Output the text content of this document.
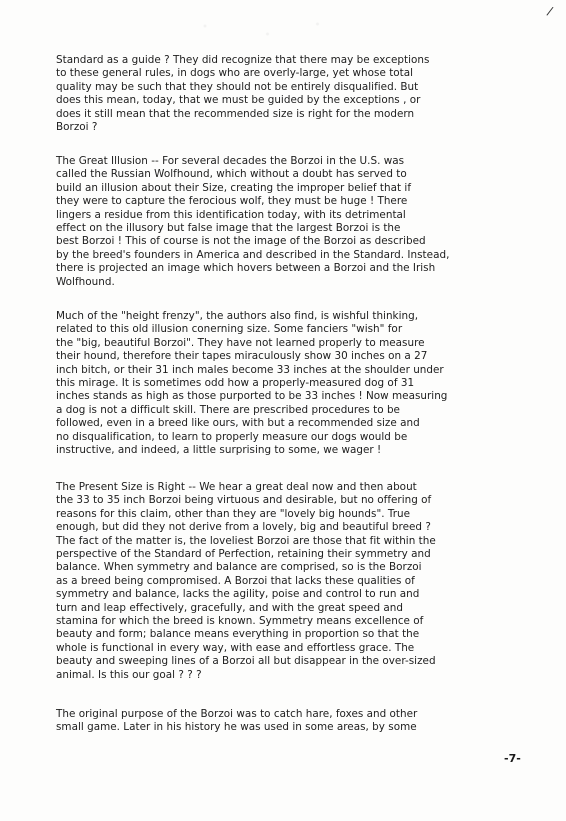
/
Standard as a guide ? They did recognize that there may be exceptions
to these general rules, in dogs who are overly-large, yet whose total
quality may be such that they should not be entirely disqualified. But
does this mean, today, that we must be guided by the exceptions , or
does it still mean that the recommended size is right for the modern
Borzoi ?
The Great Illusion -- For several decades the Borzoi in the U.S. was
called the Russian Wolfhound, which without a doubt has served to
build an illusion about their Size, creating the improper belief that if
they were to capture the ferocious wolf, they must be huge ! There
lingers a residue from this identification today, with its detrimental
effect on the illusory but false image that the largest Borzoi is the
best Borzoi ! This of course is not the image of the Borzoi as described
by the breed's founders in America and described in the Standard. Instead,
there is projected an image which hovers between a Borzoi and the Irish
Wolfhound.
Much of the "height frenzy", the authors also find, is wishful thinking,
related to this old illusion conerning size. Some fanciers "wish" for
the "big, beautiful Borzoi". They have not learned properly to measure
their hound, therefore their tapes miraculously show 30 inches on a 27
inch bitch, or their 31 inch males become 33 inches at the shoulder under
this mirage. It is sometimes odd how a properly-measured dog of 31
inches stands as high as those purported to be 33 inches ! Now measuring
a dog is not a difficult skill. There are prescribed procedures to be
followed, even in a breed like ours, with but a recommended size and
no disqualification, to learn to properly measure our dogs would be
instructive, and indeed, a little surprising to some, we wager !
The Present Size is Right -- We hear a great deal now and then about
the 33 to 35 inch Borzoi being virtuous and desirable, but no offering of
reasons for this claim, other than they are "lovely big hounds". True
enough, but did they not derive from a lovely, big and beautiful breed ?
The fact of the matter is, the loveliest Borzoi are those that fit within the
perspective of the Standard of Perfection, retaining their symmetry and
balance. When symmetry and balance are comprised, so is the Borzoi
as a breed being compromised. A Borzoi that lacks these qualities of
symmetry and balance, lacks the agility, poise and control to run and
turn and leap effectively, gracefully, and with the great speed and
stamina for which the breed is known. Symmetry means excellence of
beauty and form; balance means everything in proportion so that the
whole is functional in every way, with ease and effortless grace. The
beauty and sweeping lines of a Borzoi all but disappear in the over-sized
animal. Is this our goal ? ? ?
The original purpose of the Borzoi was to catch hare, foxes and other
small game. Later in his history he was used in some areas, by some
-7-
